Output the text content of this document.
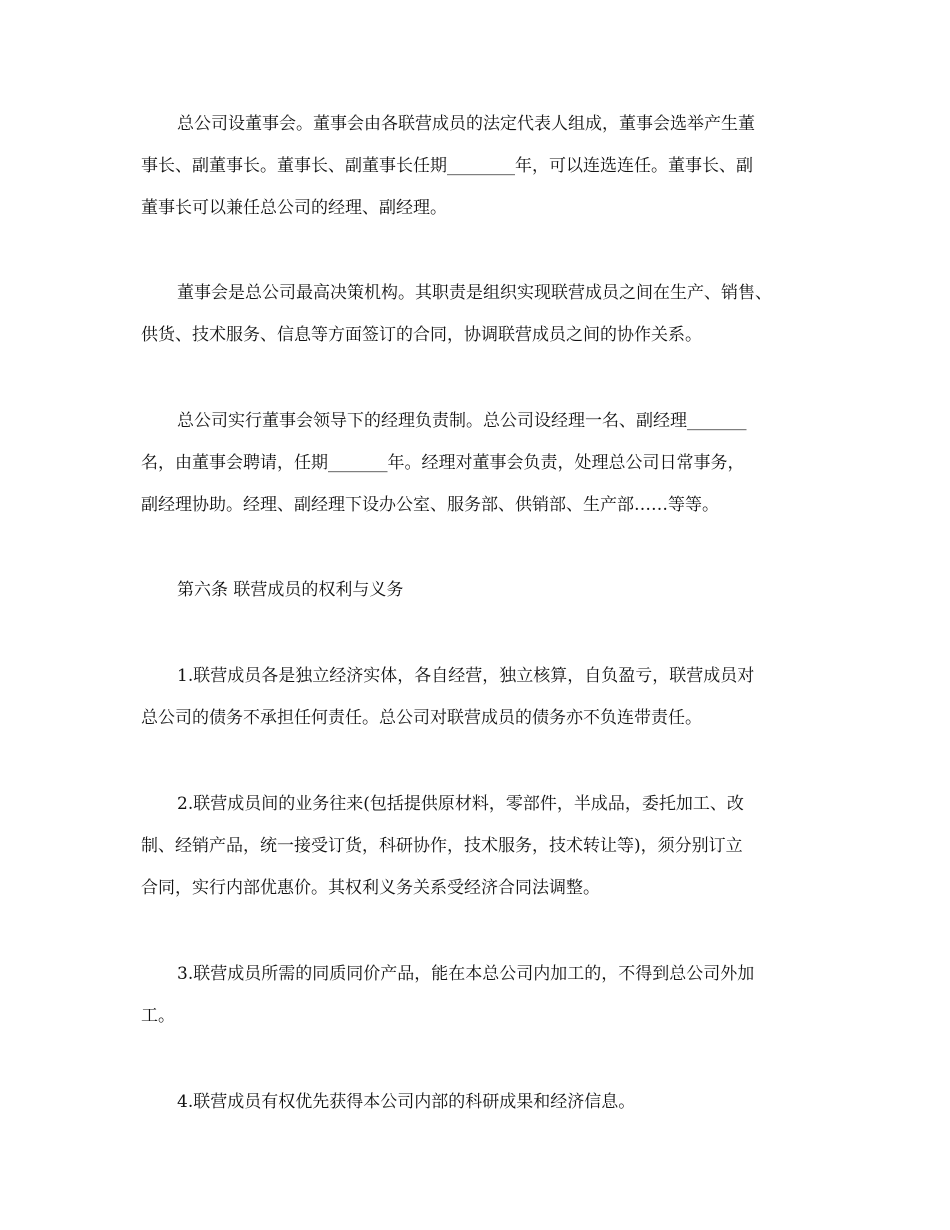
总公司设董事会。董事会由各联营成员的法定代表人组成，董事会选举产生董
事长、副董事长。董事长、副董事长任期________年，可以连选连任。董事长、副
董事长可以兼任总公司的经理、副经理。

董事会是总公司最高决策机构。其职责是组织实现联营成员之间在生产、销售、
供货、技术服务、信息等方面签订的合同，协调联营成员之间的协作关系。

总公司实行董事会领导下的经理负责制。总公司设经理一名、副经理_______
名，由董事会聘请，任期_______年。经理对董事会负责，处理总公司日常事务，
副经理协助。经理、副经理下设办公室、服务部、供销部、生产部……等等。

第六条 联营成员的权利与义务

1.联营成员各是独立经济实体，各自经营，独立核算，自负盈亏，联营成员对
总公司的债务不承担任何责任。总公司对联营成员的债务亦不负连带责任。

2.联营成员间的业务往来(包括提供原材料，零部件，半成品，委托加工、改
制、经销产品，统一接受订货，科研协作，技术服务，技术转让等)，须分别订立
合同，实行内部优惠价。其权利义务关系受经济合同法调整。

3.联营成员所需的同质同价产品，能在本总公司内加工的，不得到总公司外加
工。

4.联营成员有权优先获得本公司内部的科研成果和经济信息。
